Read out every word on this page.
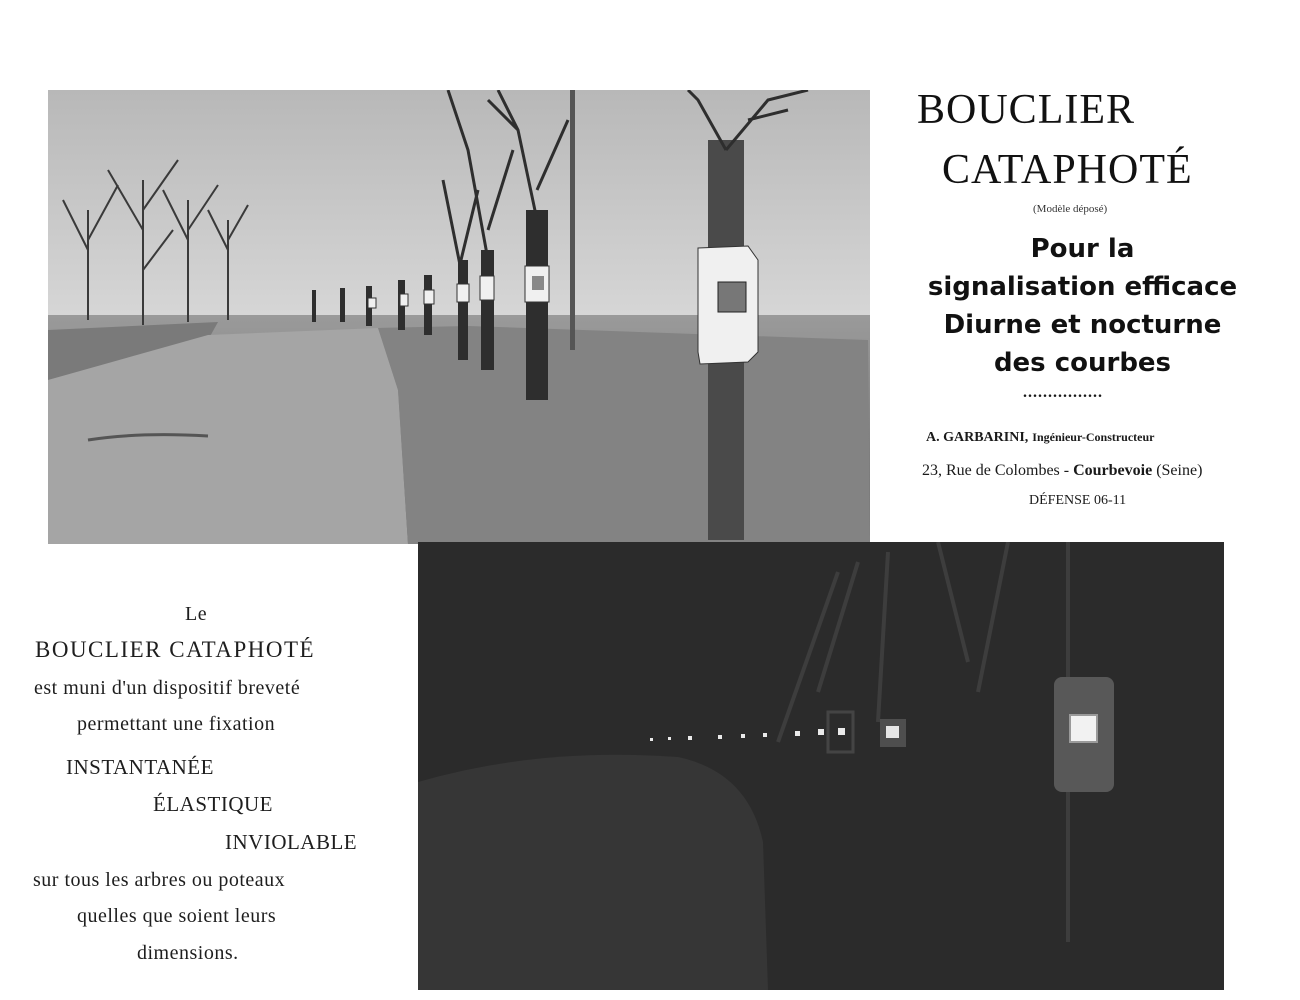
BOUCLIER
CATAPHOTÉ
(Modèle déposé)
Pour la
signalisation efficace
Diurne et nocturne
des courbes
................
A. GARBARINI, Ingénieur-Constructeur
23, Rue de Colombes - Courbevoie (Seine)
DÉFENSE 06-11
Le
BOUCLIER CATAPHOTÉ
est muni d'un dispositif breveté
permettant une fixation
INSTANTANÉE
ÉLASTIQUE
INVIOLABLE
sur tous les arbres ou poteaux
quelles que soient leurs
dimensions.
